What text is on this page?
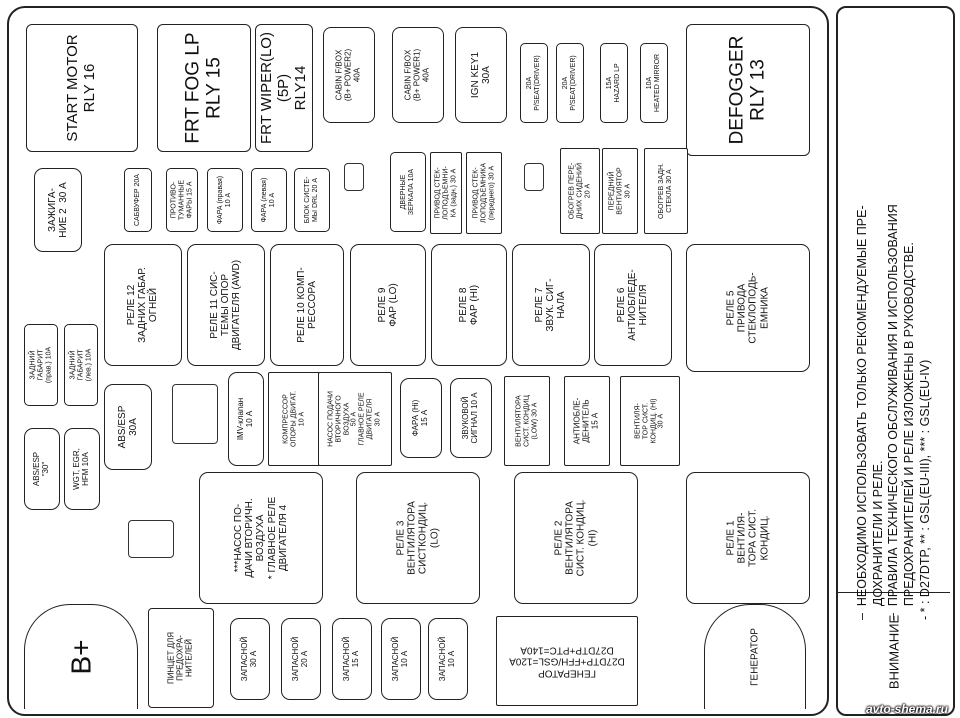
START MOTOR
RLY 16
FRT FOG LP
RLY 15
FRT WIPER(LO)
(5P)
RLY14	CABIN F/BOX
(B+ POWER2)
40A
CABIN F/BOX
(B+ POWER1)
40A
IGN KEY1
30A	20A
P/SEAT(DRIVER)	20A
P/SEAT(DRIVER)	15A
HAZARD LP
10A
HEATED MIRROR	DEFOGGER
RLY 13
ЗАЖИГА-
НИЕ 2  30 А	САБВУФЕР 20А	ПРОТИВО-
ТУМАННЫЕ
ФАРЫ 15 А
ФАРА (правая)
10 А
ФАРА (левая)
10 А
БЛОК СИСТЕ-
МЫ DRL 20 А	ДВЕРНЫЕ
ЗЕРКАЛА 10А
ПРИВОД СТЕК-
ЛОПОДЪЕМНИ-
КА (задн.) 30 А
ПРИВОД СТЕК-
ЛОПОДЪЕМНИКА
(переднего) 30 А
ОБОГРЕВ ПЕРЕ-
ДНИХ СИДЕНИЙ
20 А ПЕРЕДНИЙ
ВЕНТИЛЯТОР
30 А	ОБОГРЕВ ЗАДН.
СТЕКЛА 30 А
РЕЛЕ 12
ЗАДНИХ ГАБАР.
ОГНЕЙ
РЕЛЕ 11 СИС-
ТЕМЫ ОПОР
ДВИГАТЕЛЯ (AWD)
РЕЛЕ 10 КОМП-
РЕССОРА	РЕЛЕ 9
ФАР (LO)
РЕЛЕ 8
ФАР (HI)
РЕЛЕ 7
ЗВУК. СИГ-
НАЛА	РЕЛЕ 6
АНТИОБЛЕДЕ-
НИТЕЛЯ	РЕЛЕ 5
ПРИВОДА
СТЕКЛОПОДЬ-
ЕМНИКА
ЗАДНИЙ
ГАБАРИТ
(прав.) 10А ЗАДНИЙ
ГАБАРИТ
(лев.) 10А
ABS/ESP
30A	IMV-клапан
10 А	КОМПРЕССОР
ОПОРЫ ДВИГАТ.
10 А
НАСОС ПОДАЧИ
ВТОРИЧНОГО
ВОЗДУХА
50 А
ГЛАВНОЕ РЕЛЕ
ДВИГАТЕЛЯ
30 А
ФАРА (Hi)
15 А	ЗВУКОВОЙ
СИГНАЛ 10 А
ВЕНТИЛЯТОРА
СИСТ. КОНДИЦ
(LOW) 30 А	АНТИОБЛЕ-
ДЕНИТЕЛЬ
15 А	ВЕНТИЛЯ-
ТОР СИСТ.
КОНДИЦ. (HI)
30 А
ABS/ESP
"30"
WGT, EGR,
HFM 10A
***НАСОС ПО-
ДАЧИ ВТОРИЧН.
ВОЗДУХА
* ГЛАВНОЕ РЕЛЕ
ДВИГАТЕЛЯ 4
РЕЛЕ 3
ВЕНТИЛЯТОРА
СИСТКОНДИЦ.
(LO)	РЕЛЕ 2
ВЕНТИЛЯТОРА
СИСТ. КОНДИЦ.
(HI)	РЕЛЕ 1
ВЕНТИЛЯ-
ТОРА СИСТ.
КОНДИЦ.
B+	ПИНЦЕТ ДЛЯ
ПРЕДОХРА-
НИТЕЛЕЙ	ЗАПАСНОЙ
30 А	ЗАПАСНОЙ
20 А	ЗАПАСНОЙ
15 А	ЗАПАСНОЙ
10 А	ЗАПАСНОЙ
10 А
ГЕНЕРАТОР
D27DTP+FFH/GSL=120A
D27DTP+PTC=140A	ГЕНЕРАТОР
–  НЕОБХОДИМО ИСПОЛЬЗОВАТЬ ТОЛЬКО РЕКОМЕНДУЕМЫЕ ПРЕ-
ДОХРАНИТЕЛИ И РЕЛЕ.
–  ПРАВИЛА ТЕХНИЧЕСКОГО ОБСЛУЖИВАНИЯ И ИСПОЛЬЗОВАНИЯ
ПРЕДОХРАНИТЕЛЕЙ И РЕЛЕ ИЗЛОЖЕНЫ В РУКОВОДСТВЕ.
- * : D27DTP, ** : GSL(EU-III), *** : GSL(EU-IV)
ВНИМАНИЕ
avto-shema.ru
